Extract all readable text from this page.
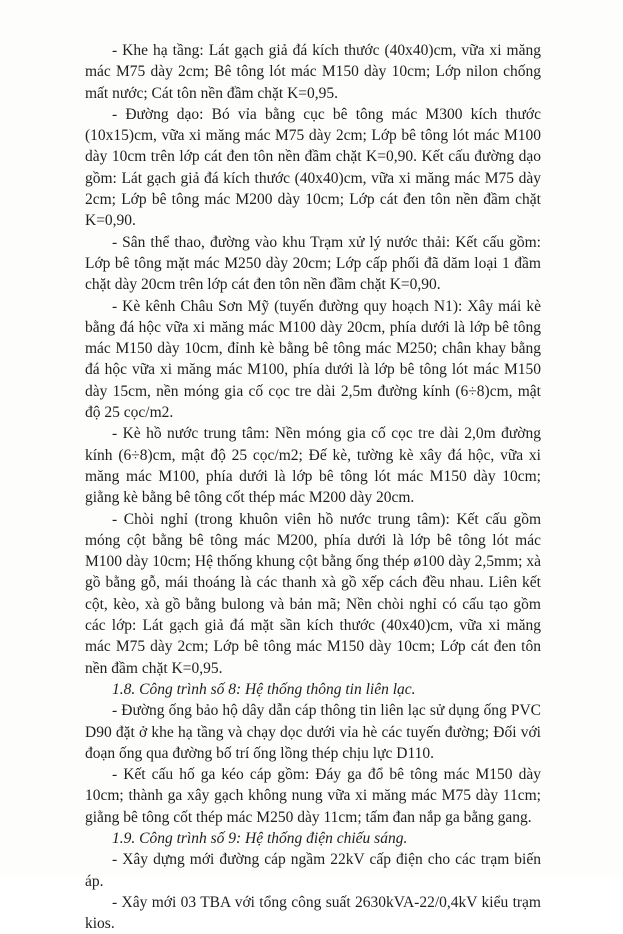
- Khe hạ tầng: Lát gạch giả đá kích thước (40x40)cm, vữa xi măng mác M75 dày 2cm; Bê tông lót mác M150 dày 10cm; Lớp nilon chống mất nước; Cát tôn nền đầm chặt K=0,95.

- Đường dạo: Bó vỉa bằng cục bê tông mác M300 kích thước (10x15)cm, vữa xi măng mác M75 dày 2cm; Lớp bê tông lót mác M100 dày 10cm trên lớp cát đen tôn nền đầm chặt K=0,90. Kết cấu đường dạo gồm: Lát gạch giả đá kích thước (40x40)cm, vữa xi măng mác M75 dày 2cm; Lớp bê tông mác M200 dày 10cm; Lớp cát đen tôn nền đầm chặt K=0,90.

- Sân thể thao, đường vào khu Trạm xử lý nước thải: Kết cấu gồm: Lớp bê tông mặt mác M250 dày 20cm; Lớp cấp phối đã dăm loại 1 đầm chặt dày 20cm trên lớp cát đen tôn nền đầm chặt K=0,90.

- Kè kênh Châu Sơn Mỹ (tuyến đường quy hoạch N1): Xây mái kè bằng đá hộc vữa xi măng mác M100 dày 20cm, phía dưới là lớp bê tông mác M150 dày 10cm, đỉnh kè bằng bê tông mác M250; chân khay bằng đá hộc vữa xi măng mác M100, phía dưới là lớp bê tông lót mác M150 dày 15cm, nền móng gia cố cọc tre dài 2,5m đường kính (6÷8)cm, mật độ 25 cọc/m2.

- Kè hồ nước trung tâm: Nền móng gia cố cọc tre dài 2,0m đường kính (6÷8)cm, mật độ 25 cọc/m2; Đế kè, tường kè xây đá hộc, vữa xi măng mác M100, phía dưới là lớp bê tông lót mác M150 dày 10cm; giằng kè bằng bê tông cốt thép mác M200 dày 20cm.

- Chòi nghỉ (trong khuôn viên hồ nước trung tâm): Kết cấu gồm móng cột bằng bê tông mác M200, phía dưới là lớp bê tông lót mác M100 dày 10cm; Hệ thống khung cột bằng ống thép ø100 dày 2,5mm; xà gồ bằng gỗ, mái thoáng là các thanh xà gồ xếp cách đều nhau. Liên kết cột, kèo, xà gồ bằng bulong và bản mã; Nền chòi nghỉ có cấu tạo gồm các lớp: Lát gạch giả đá mặt sần kích thước (40x40)cm, vữa xi măng mác M75 dày 2cm; Lớp bê tông mác M150 dày 10cm; Lớp cát đen tôn nền đầm chặt K=0,95.

1.8. Công trình số 8: Hệ thống thông tin liên lạc.

- Đường ống bảo hộ dây dẫn cáp thông tin liên lạc sử dụng ống PVC D90 đặt ở khe hạ tầng và chạy dọc dưới vỉa hè các tuyến đường; Đối với đoạn ống qua đường bố trí ống lồng thép chịu lực D110.

- Kết cấu hố ga kéo cáp gồm: Đáy ga đổ bê tông mác M150 dày 10cm; thành ga xây gạch không nung vữa xi măng mác M75 dày 11cm; giằng bê tông cốt thép mác M250 dày 11cm; tấm đan nắp ga bằng gang.

1.9. Công trình số 9: Hệ thống điện chiếu sáng.

- Xây dựng mới đường cáp ngầm 22kV cấp điện cho các trạm biến áp.

- Xây mới 03 TBA với tổng công suất 2630kVA-22/0,4kV kiểu trạm kios.
